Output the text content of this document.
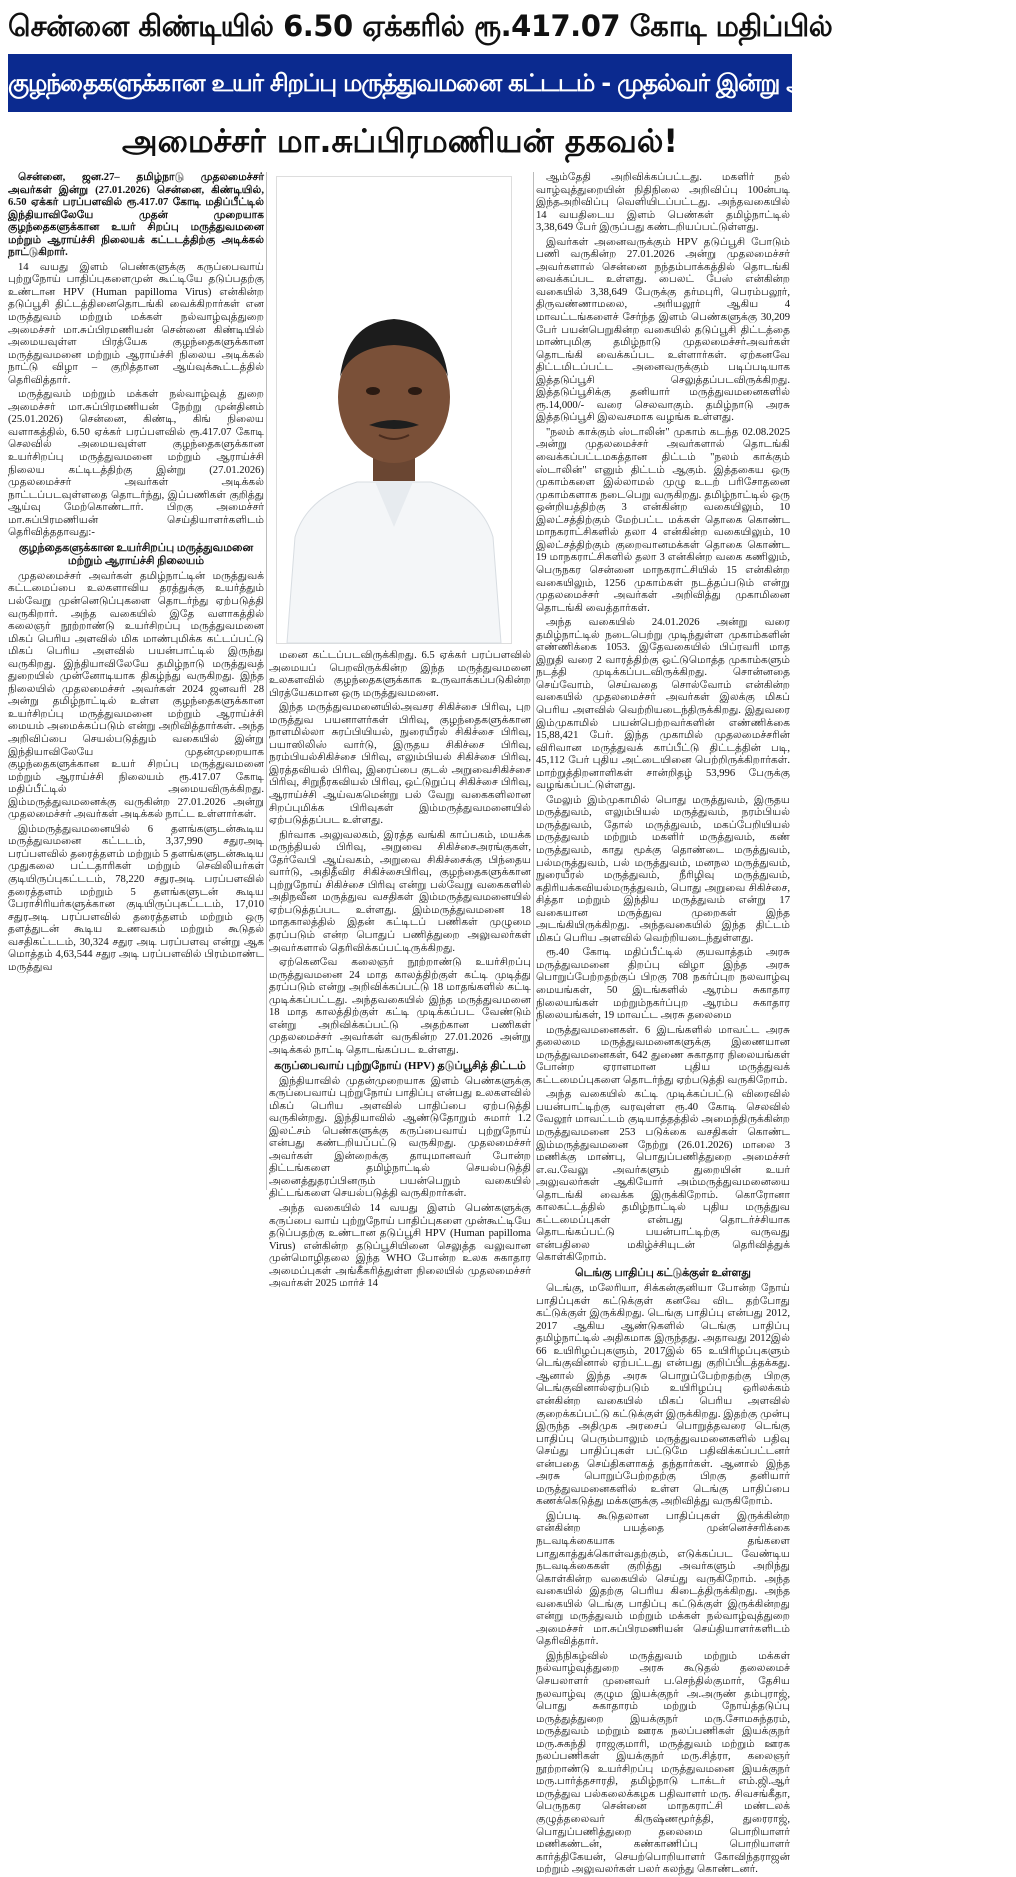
சென்னை கிண்டியில் 6.50 ஏக்கரில் ரூ.417.07 கோடி மதிப்பில்
குழந்தைகளுக்கான உயர் சிறப்பு மருத்துவமனை கட்டடம் - முதல்வர் இன்று அடிக்கல் நாட்டுகிறார்!
அமைச்சர் மா.சுப்பிரமணியன் தகவல்!

சென்னை, ஜன.27– தமிழ்நாடு முதலமைச்சர் அவர்கள் இன்று (27.01.2026) சென்னை, கிண்டியில், 6.50 ஏக்கர் பரப்பளவில் ரூ.417.07 கோடி மதிப்பீட்டில் இந்தியாவிலேயே முதன் முறையாக குழந்தைகளுக்கான உயர் சிறப்பு மருத்துவமனை மற்றும் ஆராய்ச்சி நிலையக் கட்டடத்திற்கு அடிக்கல் நாட்டுகிறார்.

14 வயது இளம் பெண்களுக்கு கருப்பைவாய் புற்றுநோய் பாதிப்புகளைமுன் கூட்டியே தடுப்பதற்கு உண்டான HPV (Human papilloma Virus) என்கின்ற தடுப்பூசி திட்டத்தினைதொடங்கி வைக்கிறார்கள் என மருத்துவம் மற்றும் மக்கள் நல்வாழ்வுத்துறை அமைச்சர் மா.சுப்பிரமணியன் சென்னை கிண்டியில் அமையவுள்ள பிரத்யேக குழந்தைகளுக்கான மருத்துவமனை மற்றும் ஆராய்ச்சி நிலைய அடிக்கல் நாட்டு விழா – குறித்தான ஆய்வுக்கூட்டத்தில் தெரிவித்தார்.

மருத்துவம் மற்றும் மக்கள் நல்வாழ்வுத் துறை அமைச்சர் மா.சுப்பிரமணியன் நேற்று முன்தினம் (25.01.2026) சென்னை, கிண்டி, கிங் நிலைய வளாகத்தில், 6.50 ஏக்கர் பரப்பளவில் ரூ.417.07 கோடி செலவில் அமையவுள்ள குழந்தைகளுக்கான உயர்சிறப்பு மருத்துவமனை மற்றும் ஆராய்ச்சி நிலைய கட்டிடத்திற்கு இன்று (27.01.2026) முதலமைச்சர் அவர்கள் அடிக்கல் நாட்டப்படவுள்ளதை தொடர்ந்து, இப்பணிகள் குறித்து ஆய்வு மேற்கொண்டார். பிறகு அமைச்சர் மா.சுப்பிரமணியன் செய்தியாளர்களிடம் தெரிவித்ததாவது:-

குழந்தைகளுக்கான உயர்சிறப்பு மருத்துவமனை மற்றும் ஆராய்ச்சி நிலையம்

முதலமைச்சர் அவர்கள் தமிழ்நாட்டின் மருத்துவக் கட்டமைப்பை உலகளாவிய தரத்துக்கு உயர்த்தும் பல்வேறு முன்னெடுப்புகளை தொடர்ந்து ஏற்படுத்தி வருகிறார். அந்த வகையில் இதே வளாகத்தில் கலைஞர் நூற்றாண்டு உயர்சிறப்பு மருத்துவமனை மிகப் பெரிய அளவில் மிக மாண்புமிக்க கட்டப்பட்டு மிகப் பெரிய அளவில் பயன்பாட்டில் இருந்து வருகிறது. இந்தியாவிலேயே தமிழ்நாடு மருத்துவத் துறையில் முன்னோடியாக திகழ்ந்து வருகிறது. இந்த நிலையில் முதலமைச்சர் அவர்கள் 2024 ஜனவரி 28 அன்று தமிழ்நாட்டில் உள்ள குழந்தைகளுக்கான உயர்சிறப்பு மருத்துவமனை மற்றும் ஆராய்ச்சி மையம் அமைக்கப்படும் என்று அறிவித்தார்கள். அந்த அறிவிப்பை செயல்படுத்தும் வகையில் இன்று இந்தியாவிலேயே முதன்முறையாக குழந்தைகளுக்கான உயர் சிறப்பு மருத்துவமனை மற்றும் ஆராய்ச்சி நிலையம் ரூ.417.07 கோடி மதிப்பீட்டில் அமையவிருக்கிறது. இம்மருத்துவமனைக்கு வருகின்ற 27.01.2026 அன்று முதலமைச்சர் அவர்கள் அடிக்கல் நாட்ட உள்ளார்கள்.

இம்மருத்துவமனையில் 6 தளங்களுடன்கூடிய மருத்துவமனை கட்டடம், 3,37,990 சதுரஅடி பரப்பளவில் தரைத்தளம் மற்றும் 5 தளங்களுடன்கூடிய முதுகலை பட்டதாரிகள் மற்றும் செவிலியர்கள் குடியிருப்புகட்டடம், 78,220 சதுரஅடி பரப்பளவில் தரைத்தளம் மற்றும் 5 தளங்களுடன் கூடிய பேராசிரியர்களுக்கான குடியிருப்புகட்டடம், 17,010 சதுரஅடி பரப்பளவில் தரைத்தளம் மற்றும் ஒரு தளத்துடன் கூடிய உணவகம் மற்றும் கூடுதல் வசதிகட்டடம், 30,324 சதுர அடி பரப்பளவு என்று ஆக மொத்தம் 4,63,544 சதுர அடி பரப்பளவில் பிரம்மாண்ட மருத்துவ

மனை கட்டப்படவிருக்கிறது. 6.5 ஏக்கர் பரப்பளவில் அமையப் பெறவிருக்கின்ற இந்த மருத்துவமனை உலகளவில் குழந்தைகளுக்காக உருவாக்கப்படுகின்ற பிரத்யேகமான ஒரு மருத்துவமனை.

இந்த மருத்துவமனையில்அவசர சிகிச்சை பிரிவு, புற மருத்துவ பயனாளர்கள் பிரிவு, குழந்தைகளுக்கான நாளமில்லா சுரப்பியியல், நுரையீரல் சிகிச்சை பிரிவு, பயாஸிலிஸ் வார்டு, இருதய சிகிச்சை பிரிவு, நரம்பியல்சிகிச்சை பிரிவு, எலும்பியல் சிகிச்சை பிரிவு, இரத்தவியல் பிரிவு, இரைப்பை குடல் அறுவைசிகிச்சை பிரிவு, சிறுநீரகவியல் பிரிவு, ஒட்டுறுப்பு சிகிச்சை பிரிவு, ஆராய்ச்சி ஆய்வகமென்று பல் வேறு வகைகளிலான சிறப்புமிக்க பிரிவுகள் இம்மருத்துவமனையில் ஏற்படுத்தப்பட உள்ளது.

நிர்வாக அலுவலகம், இரத்த வங்கி காப்பகம், மயக்க மருந்தியல் பிரிவு, அறுவை சிகிச்சைஅரங்குகள், தேர்வேபி ஆய்வகம், அறுவை சிகிச்சைக்கு பிந்தைய வார்டு, அதிதீவிர சிகிச்சைபிரிவு, குழந்தைகளுக்கான புற்றுநோய் சிகிச்சை பிரிவு என்று பல்வேறு வகைகளில் அதிநவீன மருத்துவ வசதிகள் இம்மருத்துவமனையில் ஏற்படுத்தப்பட உள்ளது. இம்மருத்துவமனை 18 மாதகாலத்தில் இதன் கட்டிடப் பணிகள் முழுமை தரப்படும் என்ற பொதுப் பணித்துறை அலுவலர்கள் அவர்களால் தெரிவிக்கப்பட்டிருக்கிறது.

ஏற்கெனவே கலைஞர் நூற்றாண்டு உயர்சிறப்பு மருத்துவமனை 24 மாத காலத்திற்குள் கட்டி முடித்து தரப்படும் என்று அறிவிக்கப்பட்டு 18 மாதங்களில் கட்டி முடிக்கப்பட்டது. அந்தவகையில் இந்த மருத்துவமனை 18 மாத காலத்திற்குள் கட்டி முடிக்கப்பட வேண்டும் என்று அறிவிக்கப்பட்டு அதற்கான பணிகள் முதலமைச்சர் அவர்கள் வருகின்ற 27.01.2026 அன்று அடிக்கல் நாட்டி தொடங்கப்பட உள்ளது.

கருப்பைவாய் புற்றுநோய் (HPV) தடுப்பூசித் திட்டம்

இந்தியாவில் முதன்முறையாக இளம் பெண்களுக்கு கருப்பைவாய் புற்றுநோய் பாதிப்பு என்பது உலகளவில் மிகப் பெரிய அளவில் பாதிப்பை ஏற்படுத்தி வருகின்றது. இந்தியாவில் ஆண்டுதோறும் சுமார் 1.2 இலட்சம் பெண்களுக்கு கருப்பைவாய் புற்றுநோய் என்பது கண்டறியப்பட்டு வருகிறது. முதலமைச்சர் அவர்கள் இன்றைக்கு தாயுமானவர் போன்ற திட்டங்களை தமிழ்நாட்டில் செயல்படுத்தி அனைத்துதரப்பினரும் பயன்பெறும் வகையில் திட்டங்களை செயல்படுத்தி வருகிறார்கள்.

அந்த வகையில் 14 வயது இளம் பெண்களுக்கு கருப்பை வாய் புற்றுநோய் பாதிப்புகளை முன்கூட்டியே தடுப்பதற்கு உண்டான தடுப்பூசி HPV (Human papilloma Virus) என்கின்ற தடுப்பூசியினை செலுத்த வலுவான முன்மொழிதலை இந்த WHO போன்ற உலக சுகாதார அமைப்புகள் அங்கீகரித்துள்ள நிலையில் முதலமைச்சர் அவர்கள் 2025 மார்ச் 14

ஆம்தேதி அறிவிக்கப்பட்டது. மகளிர் நல் வாழ்வுத்துறையின் நிதிநிலை அறிவிப்பு 100ன்படி இந்தஅறிவிப்பு வெளியிடப்பட்டது. அந்தவகையில் 14 வயதிடைய இளம் பெண்கள் தமிழ்நாட்டில் 3,38,649 பேர் இருப்பது கண்டறியப்பட்டுள்ளது.

இவர்கள் அனைவருக்கும் HPV தடுப்பூசி போடும் பணி வருகின்ற 27.01.2026 அன்று முதலமைச்சர் அவர்களால் சென்னை நந்தம்பாக்கத்தில் தொடங்கி வைக்கப்பட உள்ளது. பைலட் பேஸ் என்கின்ற வகையில் 3,38,649 பேருக்கு தர்மபுரி, பெரம்பலூர், திருவண்ணாமலை, அரியலூர் ஆகிய 4 மாவட்டங்களைச் சேர்ந்த இளம் பெண்களுக்கு 30,209 பேர் பயன்பெறுகின்ற வகையில் தடுப்பூசி திட்டத்தை மாண்புமிகு தமிழ்நாடு முதலமைச்சர்அவர்கள் தொடங்கி வைக்கப்பட உள்ளார்கள். ஏற்கனவே திட்டமிடப்பட்ட அனைவருக்கும் படிப்படியாக இத்தடுப்பூசி செலுத்தப்படவிருக்கிறது. இத்தடுப்பூசிக்கு தனியார் மருத்துவமனைகளில் ரூ.14,000/- வரை செலவாகும். தமிழ்நாடு அரசு இத்தடுப்பூசி இலவசமாக வழங்க உள்ளது.

"நலம் காக்கும் ஸ்டாலின்" முகாம் கடந்த 02.08.2025 அன்று முதலமைச்சர் அவர்களால் தொடங்கி வைக்கப்பட்டமகத்தான திட்டம் "நலம் காக்கும் ஸ்டாலின்" எனும் திட்டம் ஆகும். இத்தகைய ஒரு முகாம்களை இல்லாமல் முழு உடற் பரிசோதனை முகாம்களாக நடைபெறு வருகிறது. தமிழ்நாட்டில் ஒரு ஒன்றியத்திற்கு 3 என்கின்ற வகையிலும், 10 இலட்சத்திற்கும் மேற்பட்ட மக்கள் தொகை கொண்ட மாநகராட்சிகளில் தலா 4 என்கின்ற வகையிலும், 10 இலட்சத்திற்கும் குறைவானமக்கள் தொகை கொண்ட 19 மாநகராட்சிகளில் தலா 3 என்கின்ற வகை கணிலும், பெருநகர சென்னை மாநகராட்சியில் 15 என்கின்ற வகையிலும், 1256 முகாம்கள் நடத்தப்படும் என்று முதலமைச்சர் அவர்கள் அறிவித்து முகாமினை தொடங்கி வைத்தார்கள்.

அந்த வகையில் 24.01.2026 அன்று வரை தமிழ்நாட்டில் நடைபெற்று முடிந்துள்ள முகாம்களின் எண்ணிக்கை 1053. இதேவகையில் பிப்ரவரி மாத இறுதி வரை 2 வாரத்திற்கு ஒட்டுமொத்த முகாம்களும் நடத்தி முடிக்கப்படவிருக்கிறது. சொன்னதை செய்வோம், செய்வதை சொல்வோம் என்கின்ற வகையில் முதலமைச்சர் அவர்கள் இலக்கு மிகப் பெரிய அளவில் வெற்றியடைந்திருக்கிறது. இதுவரை இம்முகாமில் பயன்பெற்றவர்களின் எண்ணிக்கை 15,88,421 பேர். இந்த முகாமில் முதலமைச்சரின் விரிவான மருத்துவக் காப்பீட்டு திட்டத்தின் படி, 45,112 பேர் புதிய அட்டையினை பெற்றிருக்கிறார்கள். மாற்றுத்திறனாளிகள் சான்றிதழ் 53,996 பேருக்கு வழங்கப்பட்டுள்ளது.

மேலும் இம்முகாமில் பொது மருத்துவம், இருதய மருத்துவம், எலும்பியல் மருத்துவம், நரம்பியல் மருத்துவம், தோல் மருத்துவம், மகப்பேறியியல் மருத்துவம் மற்றும் மகளிர் மருத்துவம், கண் மருத்துவம், காது மூக்கு தொண்டை மருத்துவம், பல்மருத்துவம், பல் மருத்துவம், மனநல மருத்துவம், நுரையீரல் மருத்துவம், நீரிழிவு மருத்துவம், கதிரியக்கவியல்மருத்துவம், பொது அறுவை சிகிச்சை, சித்தா மற்றும் இந்திய மருத்துவம் என்று 17 வகையான மருத்துவ முறைகள் இந்த அடங்கியிருக்கிறது. அந்தவகையில் இந்த திட்டம் மிகப் பெரிய அளவில் வெற்றியடைந்துள்ளது.

ரூ.40 கோடி மதிப்பீட்டில் குயவாத்தம் அரசு மருத்துவமனை திறப்பு விழா இந்த அரசு பொறுப்பேற்றதற்குப் பிறகு 708 நகர்ப்புற நலவாழ்வு மையங்கள், 50 இடங்களில் ஆரம்ப சுகாதார நிலையங்கள் மற்றும்நகர்ப்புற ஆரம்ப சுகாதார நிலையங்கள், 19 மாவட்ட அரசு தலைமை

மருத்துவமனைகள். 6 இடங்களில் மாவட்ட அரசு தலைமை மருத்துவமனைகளுக்கு இணையான மருத்துவமனைகள், 642 துணை சுகாதார நிலையங்கள் போன்ற ஏராளமான புதிய மருத்துவக் கட்டமைப்புகளை தொடர்ந்து ஏற்படுத்தி வருகிறோம்.

அந்த வகையில் கட்டி முடிக்கப்பட்டு விரைவில் பயன்பாட்டிற்கு வரவுள்ள ரூ.40 கோடி செலவில் வேலூர் மாவட்டம் குடியாத்தத்தில் அமைந்திருக்கின்ற மருத்துவமனை 253 படுக்கை வசதிகள் கொண்ட இம்மருத்துவமனை நேற்று (26.01.2026) மாலை 3 மணிக்கு மாண்பு, பொதுப்பணித்துறை அமைச்சர் எ.வ.வேலு அவர்களும் துறையின் உயர் அலுவலர்கள் ஆகியோர் அம்மருத்துவமனையை தொடங்கி வைக்க இருக்கிறோம். கொரோனா காலகட்டத்தில் தமிழ்நாட்டில் புதிய மருத்துவ கட்டமைப்புகள் என்பது தொடர்ச்சியாக தொடங்கப்பட்டு பயன்பாட்டிற்கு வருவது என்பதிலை மகிழ்ச்சியுடன் தெரிவித்துக் கொள்கிறோம்.

டெங்கு பாதிப்பு கட்டுக்குள் உள்ளது

டெங்கு, மலேரியா, சிக்கன்குனியா போன்ற நோய் பாதிப்புகள் கட்டுக்குள் கனவே விட தற்போது கட்டுக்குள் இருக்கிறது. டெங்கு பாதிப்பு என்பது 2012, 2017 ஆகிய ஆண்டுகளில் டெங்கு பாதிப்பு தமிழ்நாட்டில் அதிகமாக இருந்தது. அதாவது 2012இல் 66 உயிரிழப்புகளும், 2017இல் 65 உயிரிழப்புகளும் டெங்குவினால் ஏற்பட்டது என்பது குறிப்பிடத்தக்கது. ஆனால் இந்த அரசு பொறுப்பேற்றதற்கு பிறகு டெங்குவினால்ஏற்படும் உயிரிழப்பு ஒரிலக்கம் என்கின்ற வகையில் மிகப் பெரிய அளவில் குறைக்கப்பட்டு கட்டுக்குள் இருக்கிறது. இதற்கு முன்பு இருந்த அதிமுக அரசைப் பொறுத்தவரை டெங்கு பாதிப்பு பெரும்பாலும் மருத்துவமனைகளில் பதிவு செய்து பாதிப்புகள் பட்டுமே பதிவிக்கப்பட்டனர் என்பதை செய்திகளாகத் தந்தார்கள். ஆனால் இந்த அரசு பொறுப்பேற்றதற்கு பிறகு தனியார் மருத்துவமனைகளில் உள்ள டெங்கு பாதிப்பை கணக்கெடுத்து மக்களுக்கு அறிவித்து வருகிறோம்.

இப்படி கூடுதலான பாதிப்புகள் இருக்கின்ற என்கின்ற பயத்தை முன்னெச்சரிக்கை நடவடிக்கையாக தங்களை பாதுகாத்துக்கொள்வதற்கும், எடுக்கப்பட வேண்டிய நடவடிக்கைகள் குறித்து அவர்களும் அறிந்து கொள்கின்ற வகையில் செய்து வருகிறோம். அந்த வகையில் இதற்கு பெரிய கிடைத்திருக்கிறது. அந்த வகையில் டெங்கு பாதிப்பு கட்டுக்குள் இருக்கின்றது என்று மருத்துவம் மற்றும் மக்கள் நல்வாழ்வுத்துறை அமைச்சர் மா.சுப்பிரமணியன் செய்தியாளர்களிடம் தெரிவித்தார்.

இந்நிகழ்வில் மருத்துவம் மற்றும் மக்கள் நல்வாழ்வுத்துறை அரசு கூடுதல் தலைமைச் செயலாளர் முனைவர் ப.செந்தில்குமார், தேசிய நலவாழ்வு குழும இயக்குநர் அ.அருண் தம்புராஜ், பொது சுகாதாரம் மற்றும் நோய்த்தடுப்பு மருத்துத்துறை இயக்குநர் மரு.சோமசுந்தரம், மருத்துவம் மற்றும் ஊரக நலப்பணிகள் இயக்குநர் மரு.சுகந்தி ராஜகுமாரி, மருத்துவம் மற்றும் ஊரக நலப்பணிகள் இயக்குநர் மரு.சித்ரா, கலைஞர் நூற்றாண்டு உயர்சிறப்பு மருத்துவமனை இயக்குநர் மரு.பார்த்தசாரதி, தமிழ்நாடு டாக்டர் எம்.ஜி.ஆர் மருத்துவ பல்கலைக்கழக பதிவாளர் மரு. சிவசங்கீதா, பெருநகர சென்னை மாநகராட்சி மண்டலக் குழுத்தலைவர் கிருஷ்ணமூர்த்தி, துரைராஜ், பொதுப்பணித்துறை தலைமை பொறியாளர் மணிகண்டன், கண்காணிப்பு பொறியாளர் கார்த்திகேயன், செயற்பொறியாளர் கோவிந்தராஜன் மற்றும் அலுவலர்கள் பலர் கலந்து கொண்டனர்.
